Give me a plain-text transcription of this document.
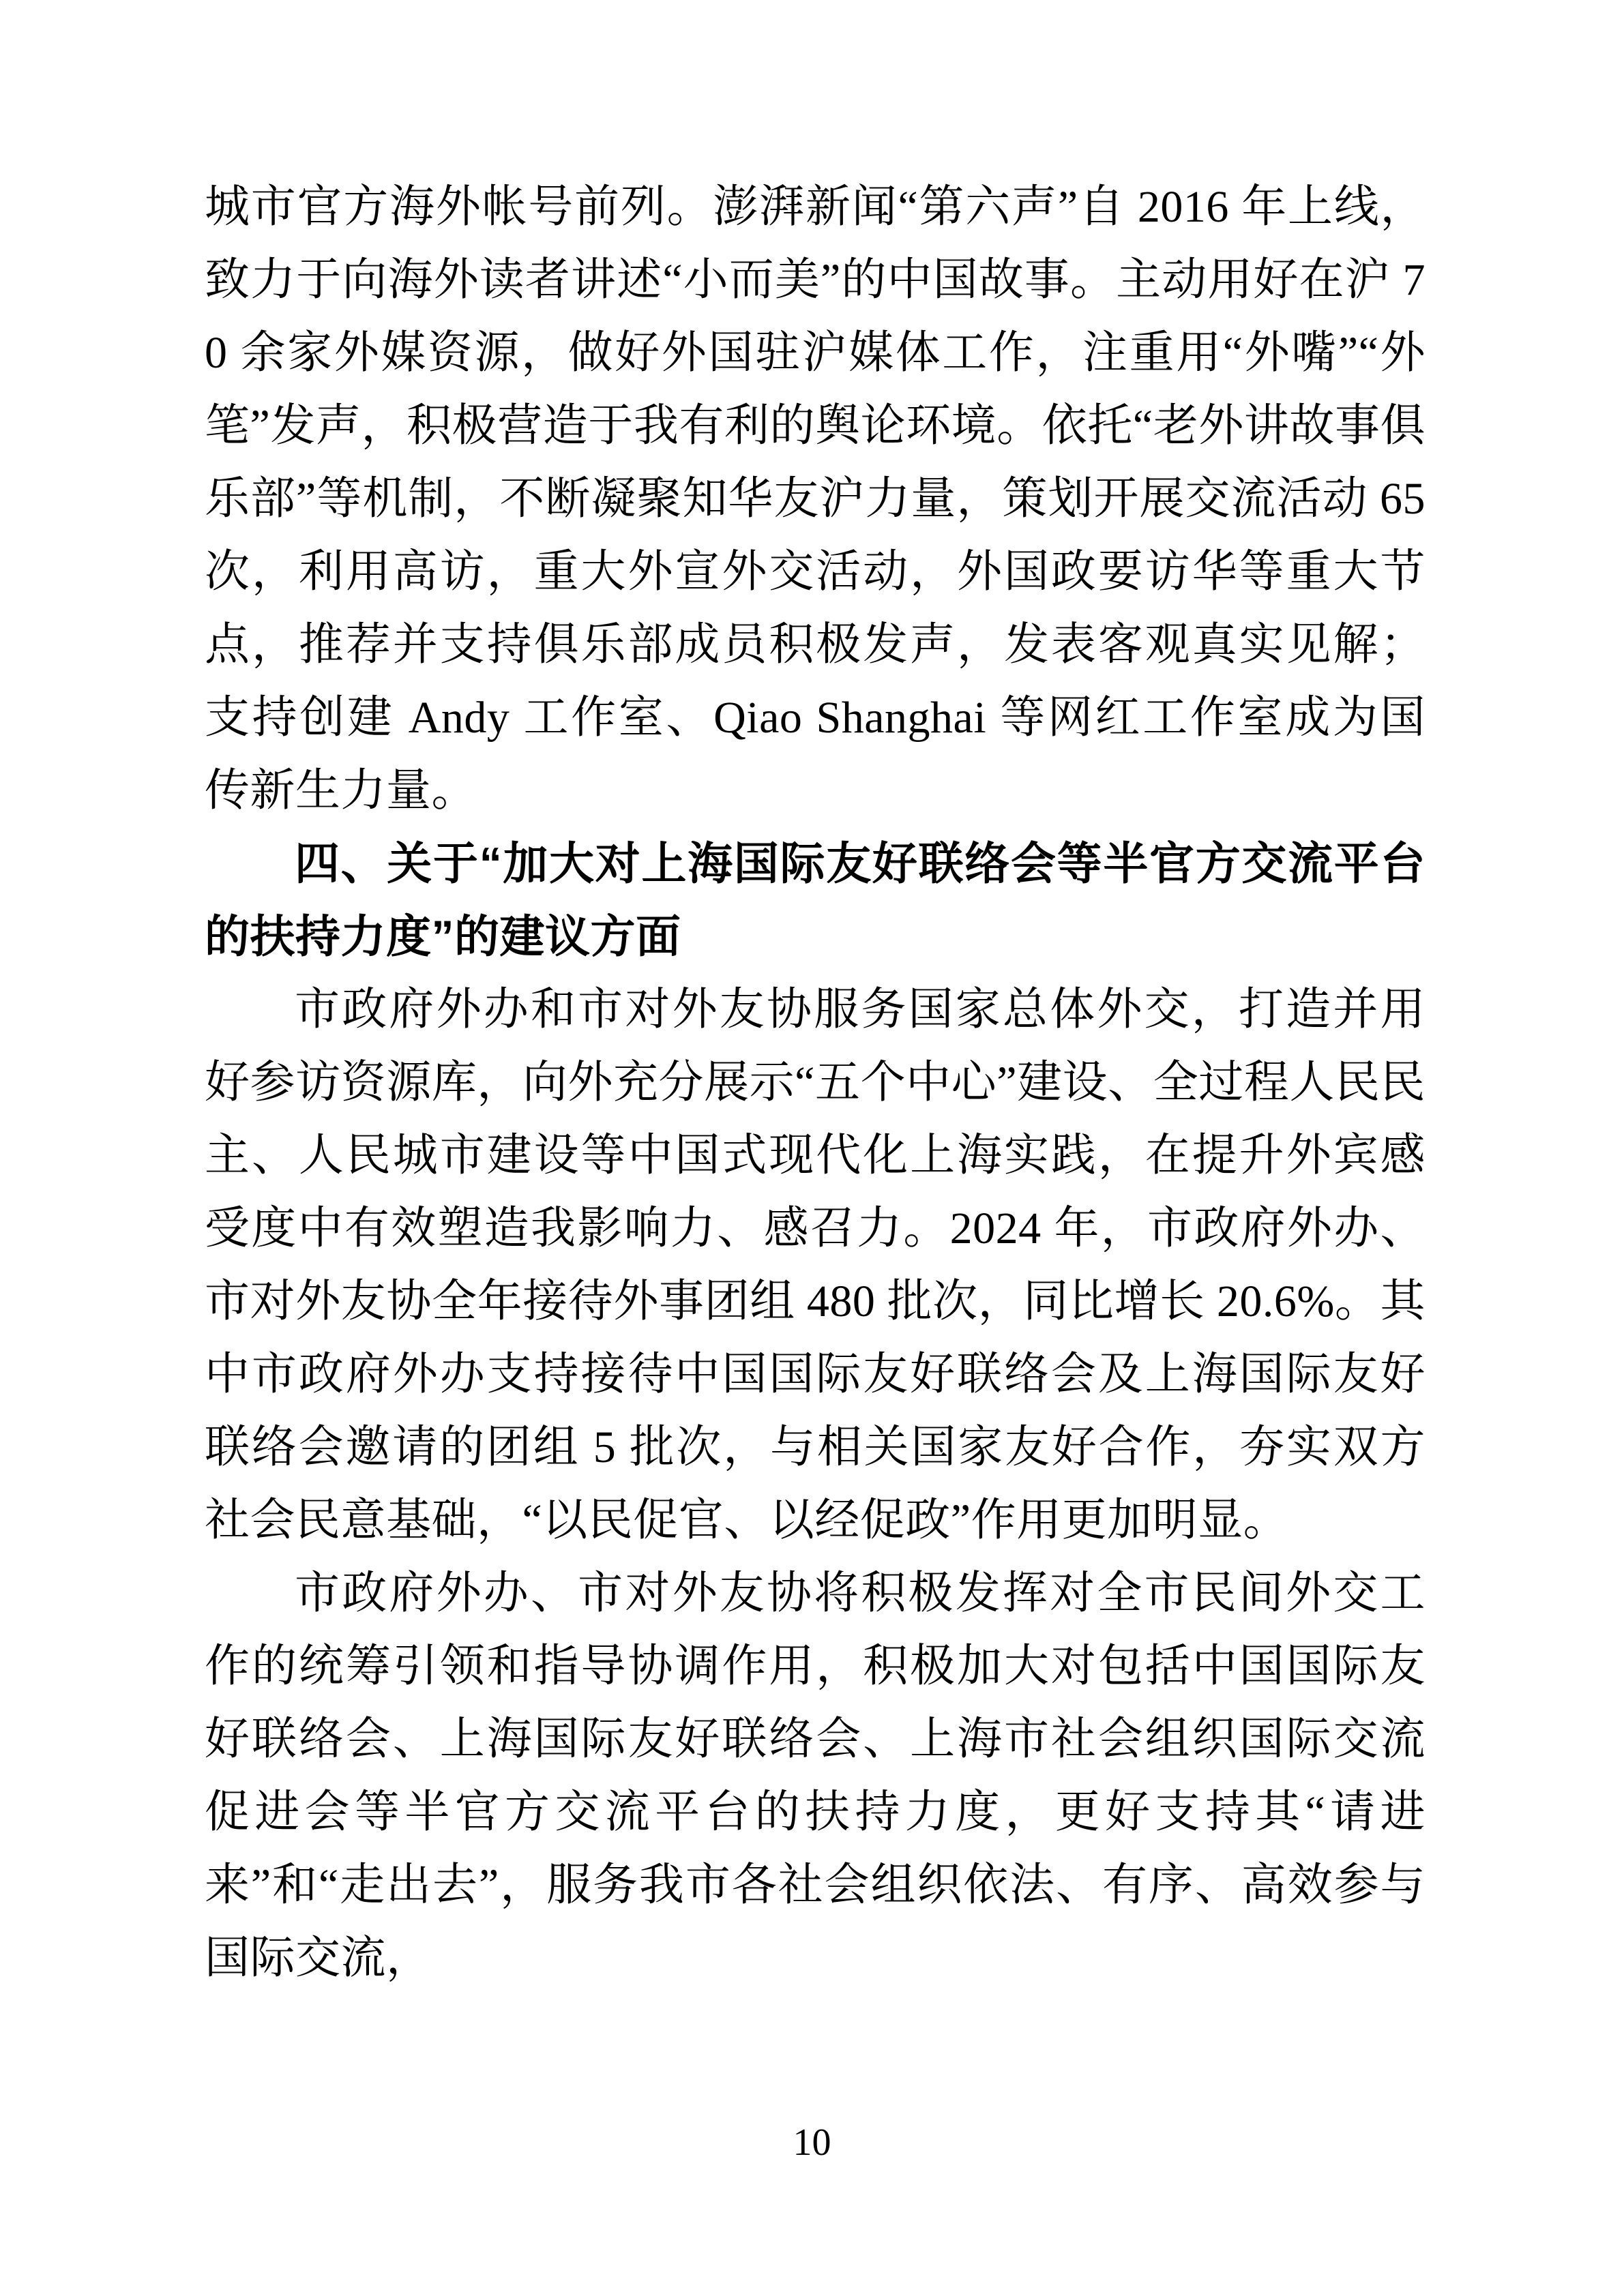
城市官方海外帐号前列。澎湃新闻“第六声”自 2016 年上线，致力于向海外读者讲述“小而美”的中国故事。主动用好在沪 70 余家外媒资源，做好外国驻沪媒体工作，注重用“外嘴”“外笔”发声，积极营造于我有利的舆论环境。依托“老外讲故事俱乐部”等机制，不断凝聚知华友沪力量，策划开展交流活动 65 次，利用高访，重大外宣外交活动，外国政要访华等重大节点，推荐并支持俱乐部成员积极发声，发表客观真实见解；支持创建 Andy 工作室、Qiao Shanghai 等网红工作室成为国传新生力量。

四、关于“加大对上海国际友好联络会等半官方交流平台的扶持力度”的建议方面

市政府外办和市对外友协服务国家总体外交，打造并用好参访资源库，向外充分展示“五个中心”建设、全过程人民民主、人民城市建设等中国式现代化上海实践，在提升外宾感受度中有效塑造我影响力、感召力。2024 年，市政府外办、市对外友协全年接待外事团组 480 批次，同比增长 20.6%。其中市政府外办支持接待中国国际友好联络会及上海国际友好联络会邀请的团组 5 批次，与相关国家友好合作，夯实双方社会民意基础，“以民促官、以经促政”作用更加明显。

市政府外办、市对外友协将积极发挥对全市民间外交工作的统筹引领和指导协调作用，积极加大对包括中国国际友好联络会、上海国际友好联络会、上海市社会组织国际交流促进会等半官方交流平台的扶持力度，更好支持其“请进来”和“走出去”，服务我市各社会组织依法、有序、高效参与国际交流，

10
